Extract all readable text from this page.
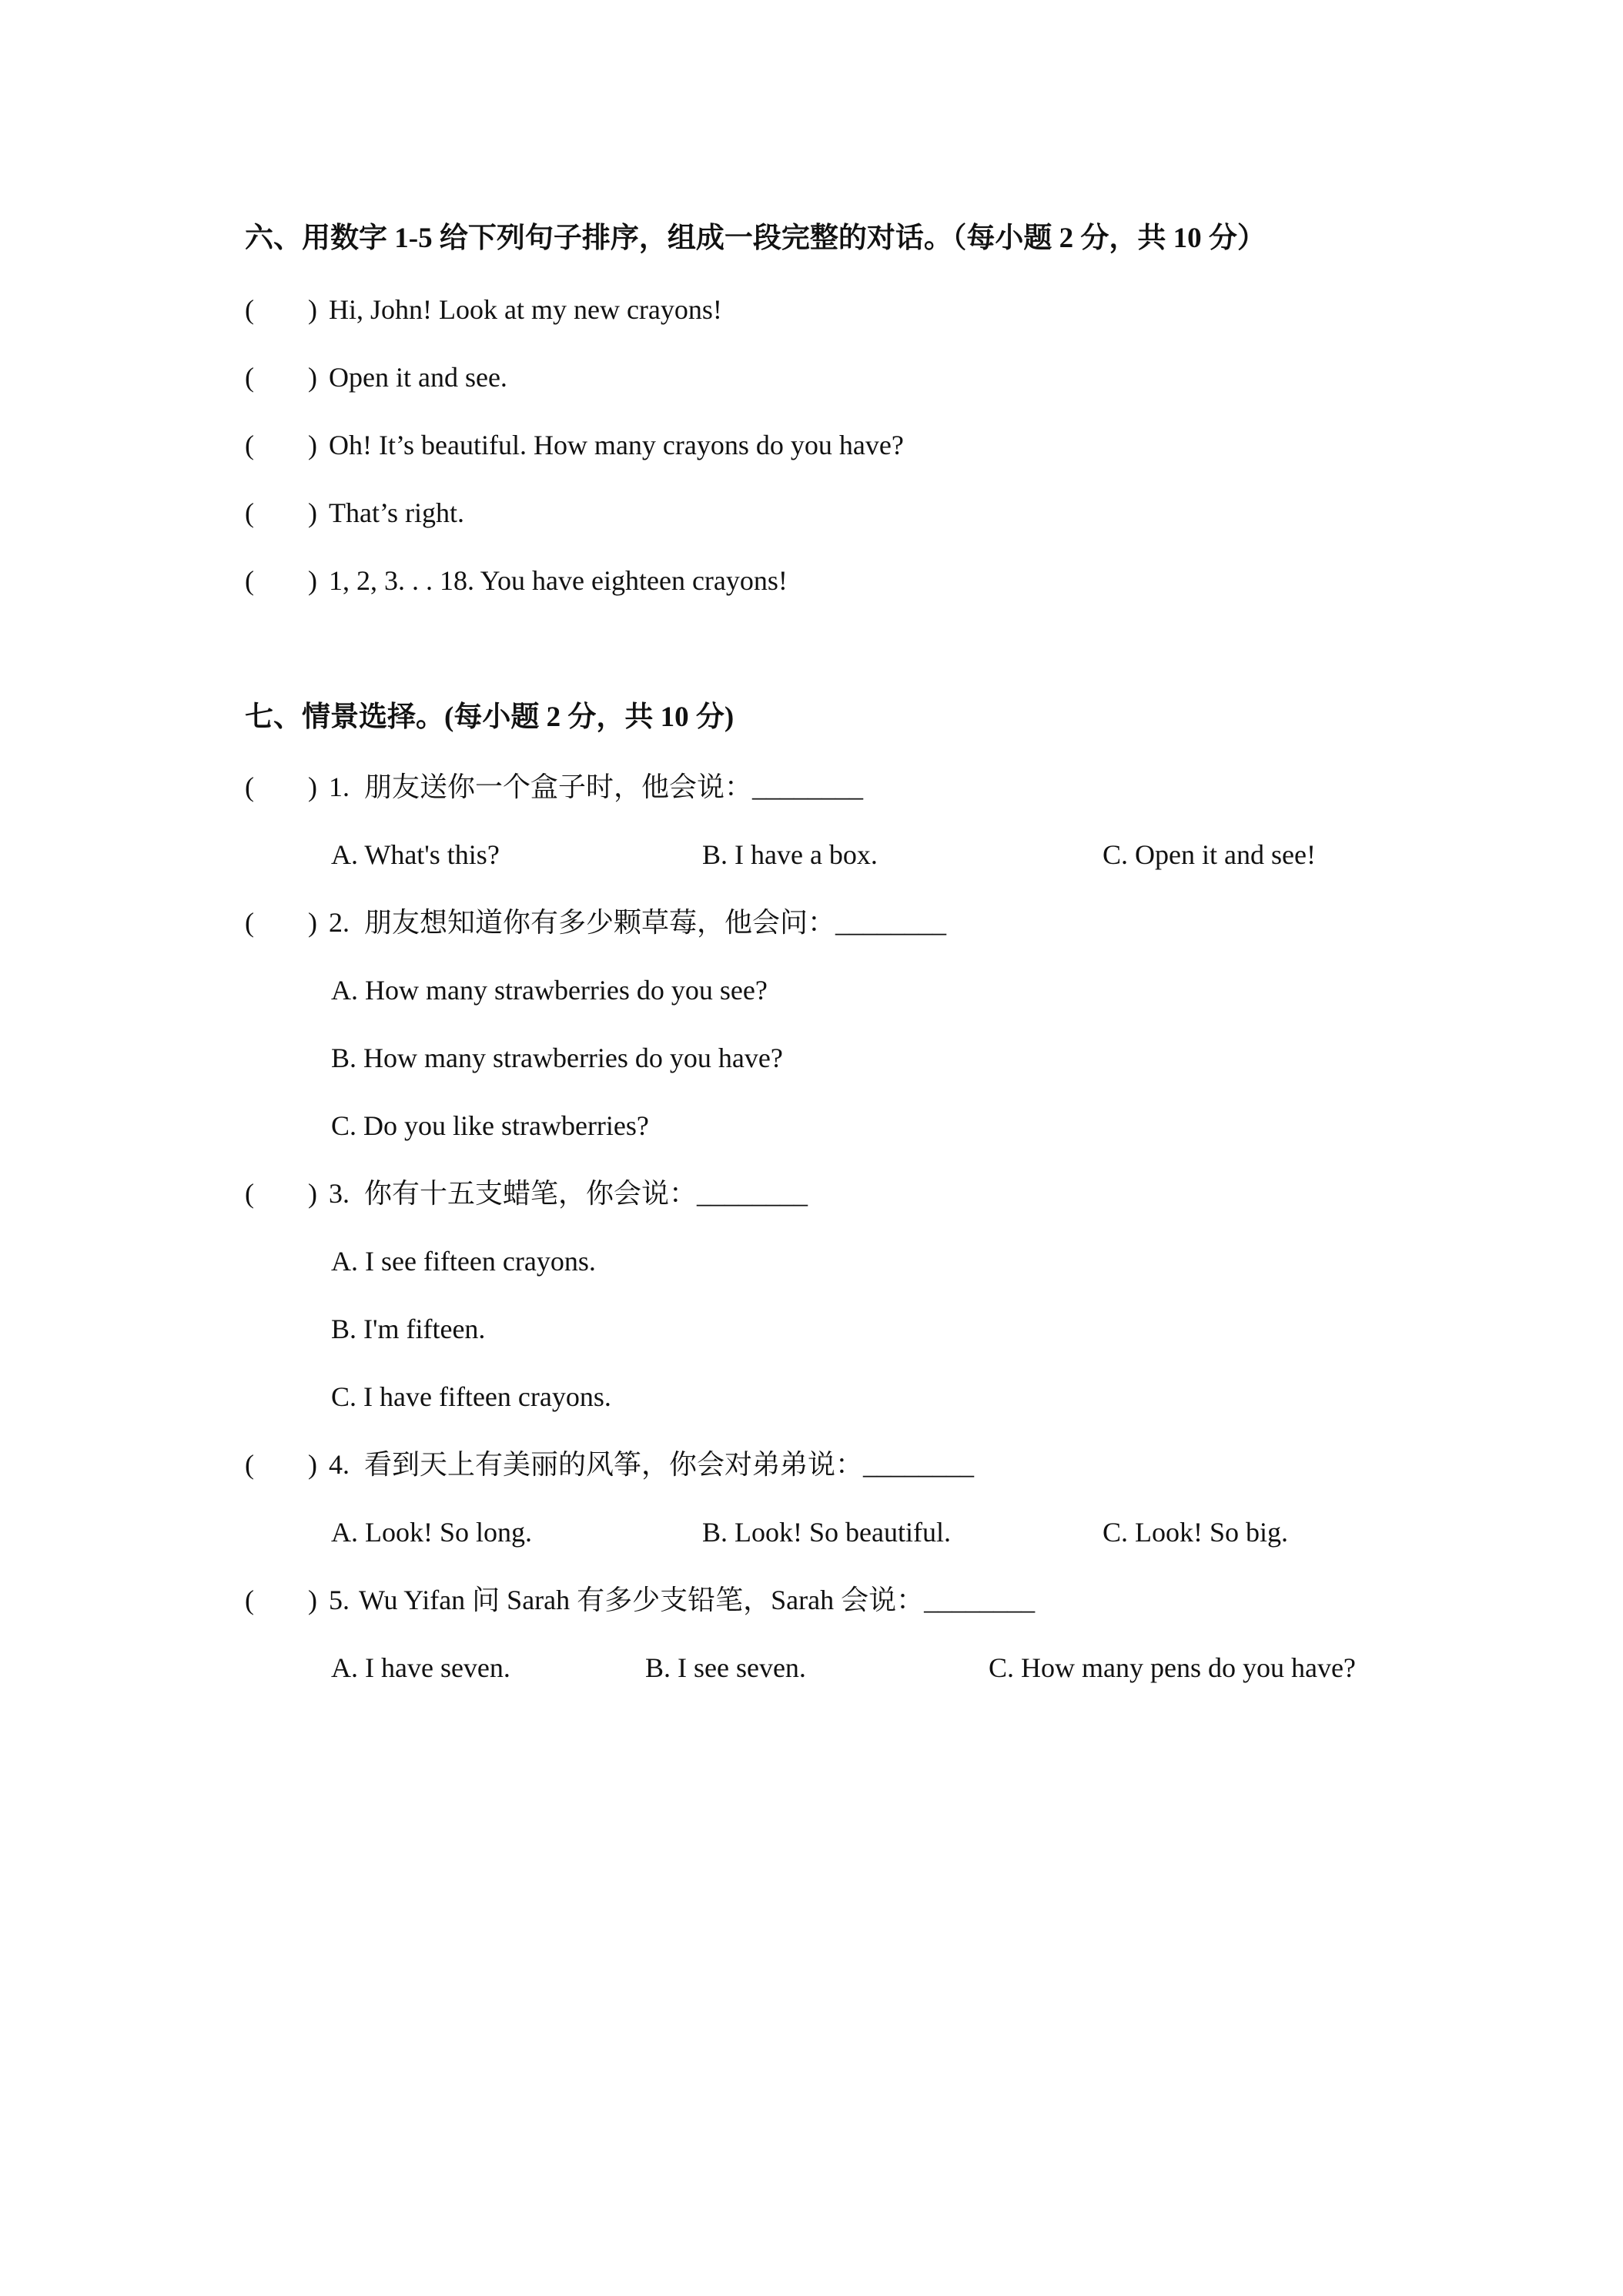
六、用数字 1-5 给下列句子排序，组成一段完整的对话。（每小题 2 分，共 10 分）
( ) Hi, John! Look at my new crayons!
( ) Open it and see.
( ) Oh! It’s beautiful. How many crayons do you have?
( ) That’s right.
( ) 1, 2, 3. . . 18. You have eighteen crayons!
七、情景选择。(每小题 2 分，共 10 分)
( ) 1. 朋友送你一个盒子时，他会说：________
A. What's this?	B. I have a box.	C. Open it and see!
( ) 2. 朋友想知道你有多少颗草莓，他会问：________
A. How many strawberries do you see?
B. How many strawberries do you have?
C. Do you like strawberries?
( ) 3. 你有十五支蜡笔，你会说：________
A. I see fifteen crayons.
B. I'm fifteen.
C. I have fifteen crayons.
( ) 4. 看到天上有美丽的风筝，你会对弟弟说：________
A. Look! So long.	B. Look! So beautiful.	C. Look! So big.
( ) 5. Wu Yifan 问 Sarah 有多少支铅笔，Sarah 会说：________
A. I have seven.	B. I see seven.	C. How many pens do you have?
